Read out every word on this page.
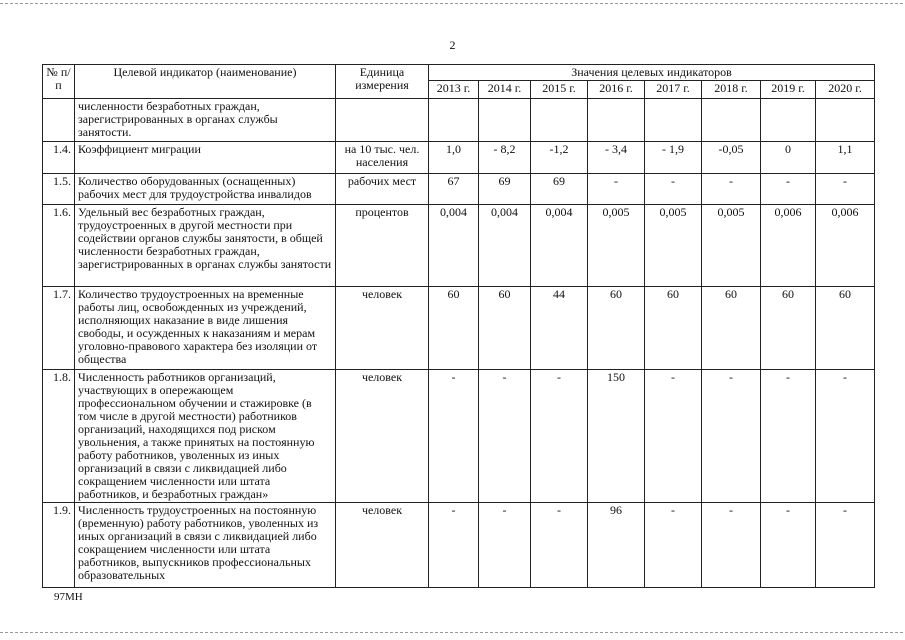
2
№ п/п	Целевой индикатор (наименование)	Единица измерения	Значения целевых индикаторов							
			2013 г.	2014 г.	2015 г.	2016 г.	2017 г.	2018 г.	2019 г.	2020 г.
	численности безработных граждан, зарегистрированных в органах службы занятости.									
1.4.	Коэффициент миграции	на 10 тыс. чел. населения	1,0	- 8,2	-1,2	- 3,4	- 1,9	-0,05	0	1,1
1.5.	Количество оборудованных (оснащенных) рабочих мест для трудоустройства инвалидов	рабочих мест	67	69	69	-	-	-	-	-
1.6.	Удельный вес безработных граждан, трудоустроенных в другой местности при содействии органов службы занятости, в общей численности безработных граждан, зарегистрированных в органах службы занятости	процентов	0,004	0,004	0,004	0,005	0,005	0,005	0,006	0,006
1.7.	Количество трудоустроенных на временные работы лиц, освобожденных из учреждений, исполняющих наказание в виде лишения свободы, и осужденных к наказаниям и мерам уголовно-правового характера без изоляции от общества	человек	60	60	44	60	60	60	60	60
1.8.	Численность работников организаций, участвующих в опережающем профессиональном обучении и стажировке (в том числе в другой местности) работников организаций, находящихся под риском увольнения, а также принятых на постоянную работу работников, уволенных из иных организаций в связи с ликвидацией либо сокращением численности или штата работников, и безработных граждан»	человек	-	-	-	150	-	-	-	-
1.9.	Численность трудоустроенных на постоянную (временную) работу работников, уволенных из иных организаций в связи с ликвидацией либо сокращением численности или штата работников, выпускников профессиональных образовательных	человек	-	-	-	96	-	-	-	-
97МН
